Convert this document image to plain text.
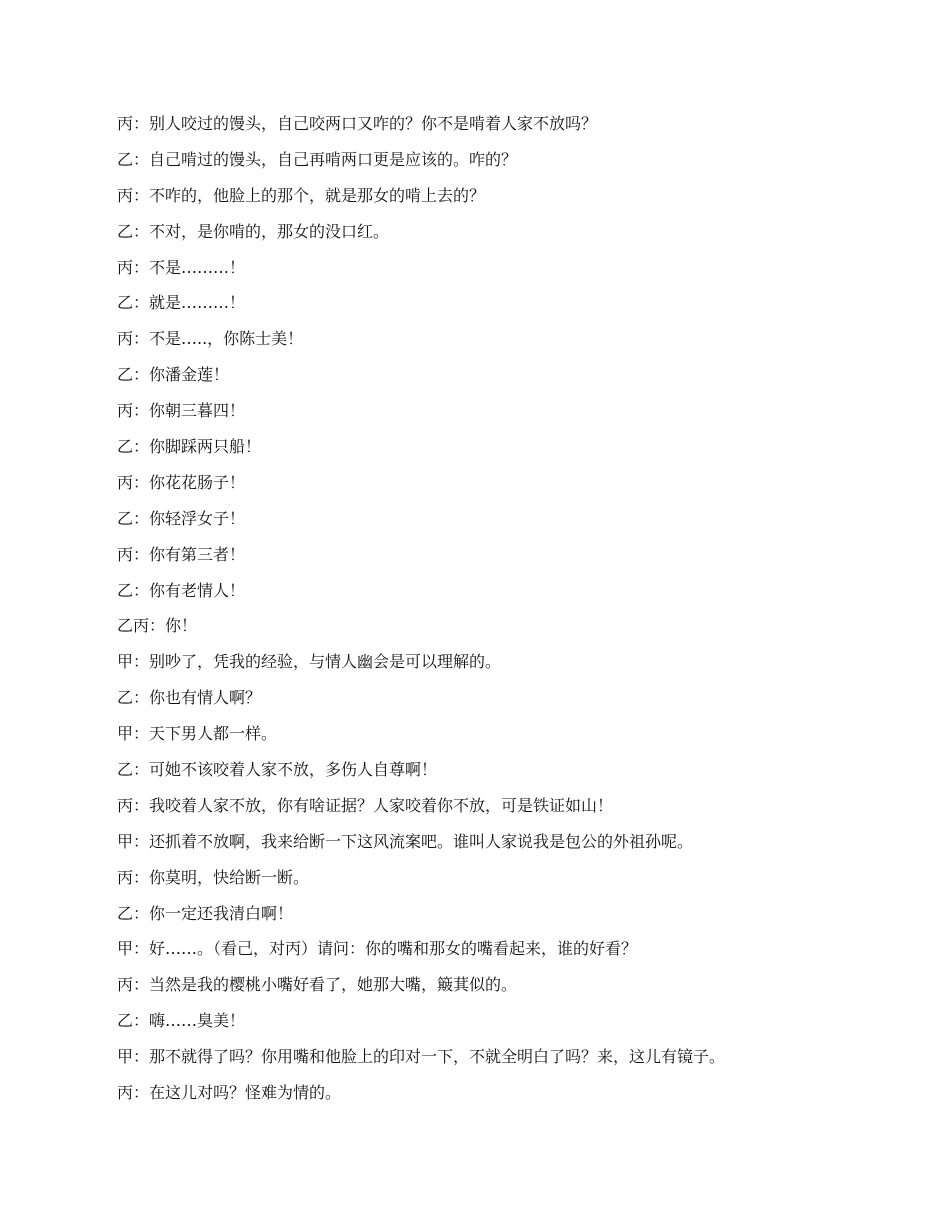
丙：别人咬过的馒头，自己咬两口又咋的？你不是啃着人家不放吗？
乙：自己啃过的馒头，自己再啃两口更是应该的。咋的？
丙：不咋的，他脸上的那个，就是那女的啃上去的？
乙：不对，是你啃的，那女的没口红。
丙：不是………！
乙：就是………！
丙：不是…..，你陈士美！
乙：你潘金莲！
丙：你朝三暮四！
乙：你脚踩两只船！
丙：你花花肠子！
乙：你轻浮女子！
丙：你有第三者！
乙：你有老情人！
乙丙：你！
甲：别吵了，凭我的经验，与情人幽会是可以理解的。
乙：你也有情人啊？
甲：天下男人都一样。
乙：可她不该咬着人家不放，多伤人自尊啊！
丙：我咬着人家不放，你有啥证据？人家咬着你不放，可是铁证如山！
甲：还抓着不放啊，我来给断一下这风流案吧。谁叫人家说我是包公的外祖孙呢。
丙：你莫明，快给断一断。
乙：你一定还我清白啊！
甲：好……。（看己，对丙）请问：你的嘴和那女的嘴看起来，谁的好看？
丙：当然是我的樱桃小嘴好看了，她那大嘴，簸萁似的。
乙：嗨……臭美！
甲：那不就得了吗？你用嘴和他脸上的印对一下，不就全明白了吗？来，这儿有镜子。
丙：在这儿对吗？怪难为情的。
